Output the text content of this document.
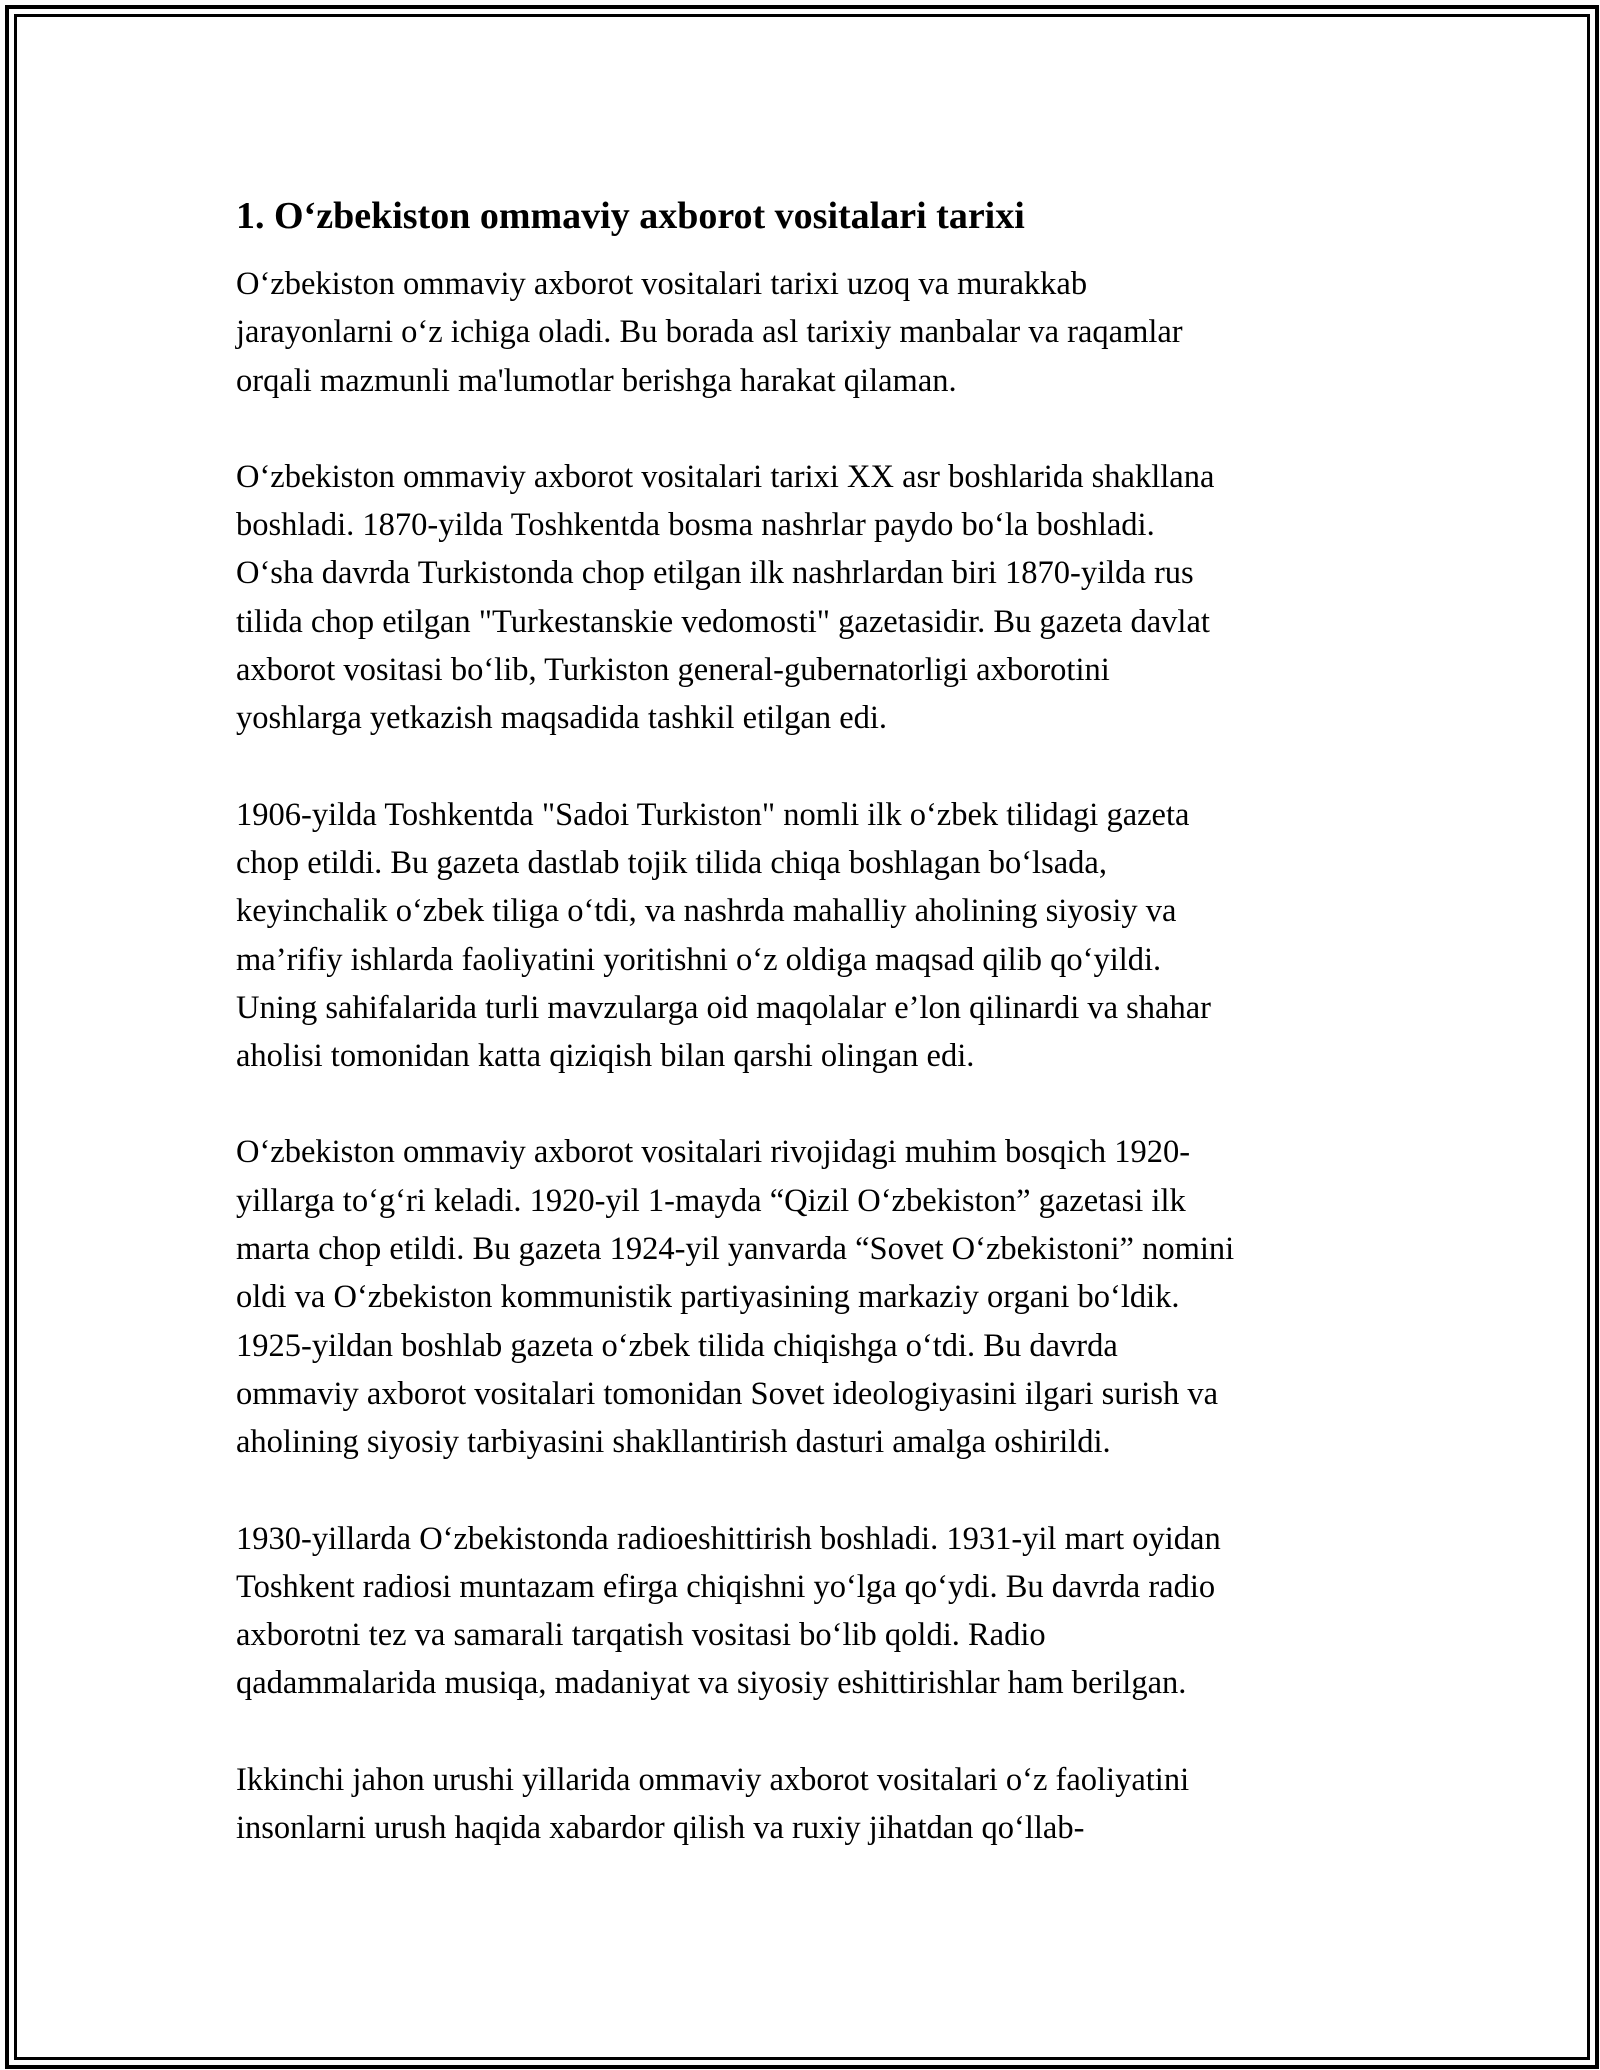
1. O‘zbekiston ommaviy axborot vositalari tarixi

O‘zbekiston ommaviy axborot vositalari tarixi uzoq va murakkab
jarayonlarni o‘z ichiga oladi. Bu borada asl tarixiy manbalar va raqamlar
orqali mazmunli ma'lumotlar berishga harakat qilaman.

O‘zbekiston ommaviy axborot vositalari tarixi XX asr boshlarida shakllana
boshladi. 1870-yilda Toshkentda bosma nashrlar paydo bo‘la boshladi.
O‘sha davrda Turkistonda chop etilgan ilk nashrlardan biri 1870-yilda rus
tilida chop etilgan "Turkestanskie vedomosti" gazetasidir. Bu gazeta davlat
axborot vositasi bo‘lib, Turkiston general-gubernatorligi axborotini
yoshlarga yetkazish maqsadida tashkil etilgan edi.

1906-yilda Toshkentda "Sadoi Turkiston" nomli ilk o‘zbek tilidagi gazeta
chop etildi. Bu gazeta dastlab tojik tilida chiqa boshlagan bo‘lsada,
keyinchalik o‘zbek tiliga o‘tdi, va nashrda mahalliy aholining siyosiy va
ma’rifiy ishlarda faoliyatini yoritishni o‘z oldiga maqsad qilib qo‘yildi.
Uning sahifalarida turli mavzularga oid maqolalar e’lon qilinardi va shahar
aholisi tomonidan katta qiziqish bilan qarshi olingan edi.

O‘zbekiston ommaviy axborot vositalari rivojidagi muhim bosqich 1920-
yillarga to‘g‘ri keladi. 1920-yil 1-mayda “Qizil O‘zbekiston” gazetasi ilk
marta chop etildi. Bu gazeta 1924-yil yanvarda “Sovet O‘zbekistoni” nomini
oldi va O‘zbekiston kommunistik partiyasining markaziy organi bo‘ldik.
1925-yildan boshlab gazeta o‘zbek tilida chiqishga o‘tdi. Bu davrda
ommaviy axborot vositalari tomonidan Sovet ideologiyasini ilgari surish va
aholining siyosiy tarbiyasini shakllantirish dasturi amalga oshirildi.

1930-yillarda O‘zbekistonda radioeshittirish boshladi. 1931-yil mart oyidan
Toshkent radiosi muntazam efirga chiqishni yo‘lga qo‘ydi. Bu davrda radio
axborotni tez va samarali tarqatish vositasi bo‘lib qoldi. Radio
qadammalarida musiqa, madaniyat va siyosiy eshittirishlar ham berilgan.

Ikkinchi jahon urushi yillarida ommaviy axborot vositalari o‘z faoliyatini
insonlarni urush haqida xabardor qilish va ruxiy jihatdan qo‘llab-
